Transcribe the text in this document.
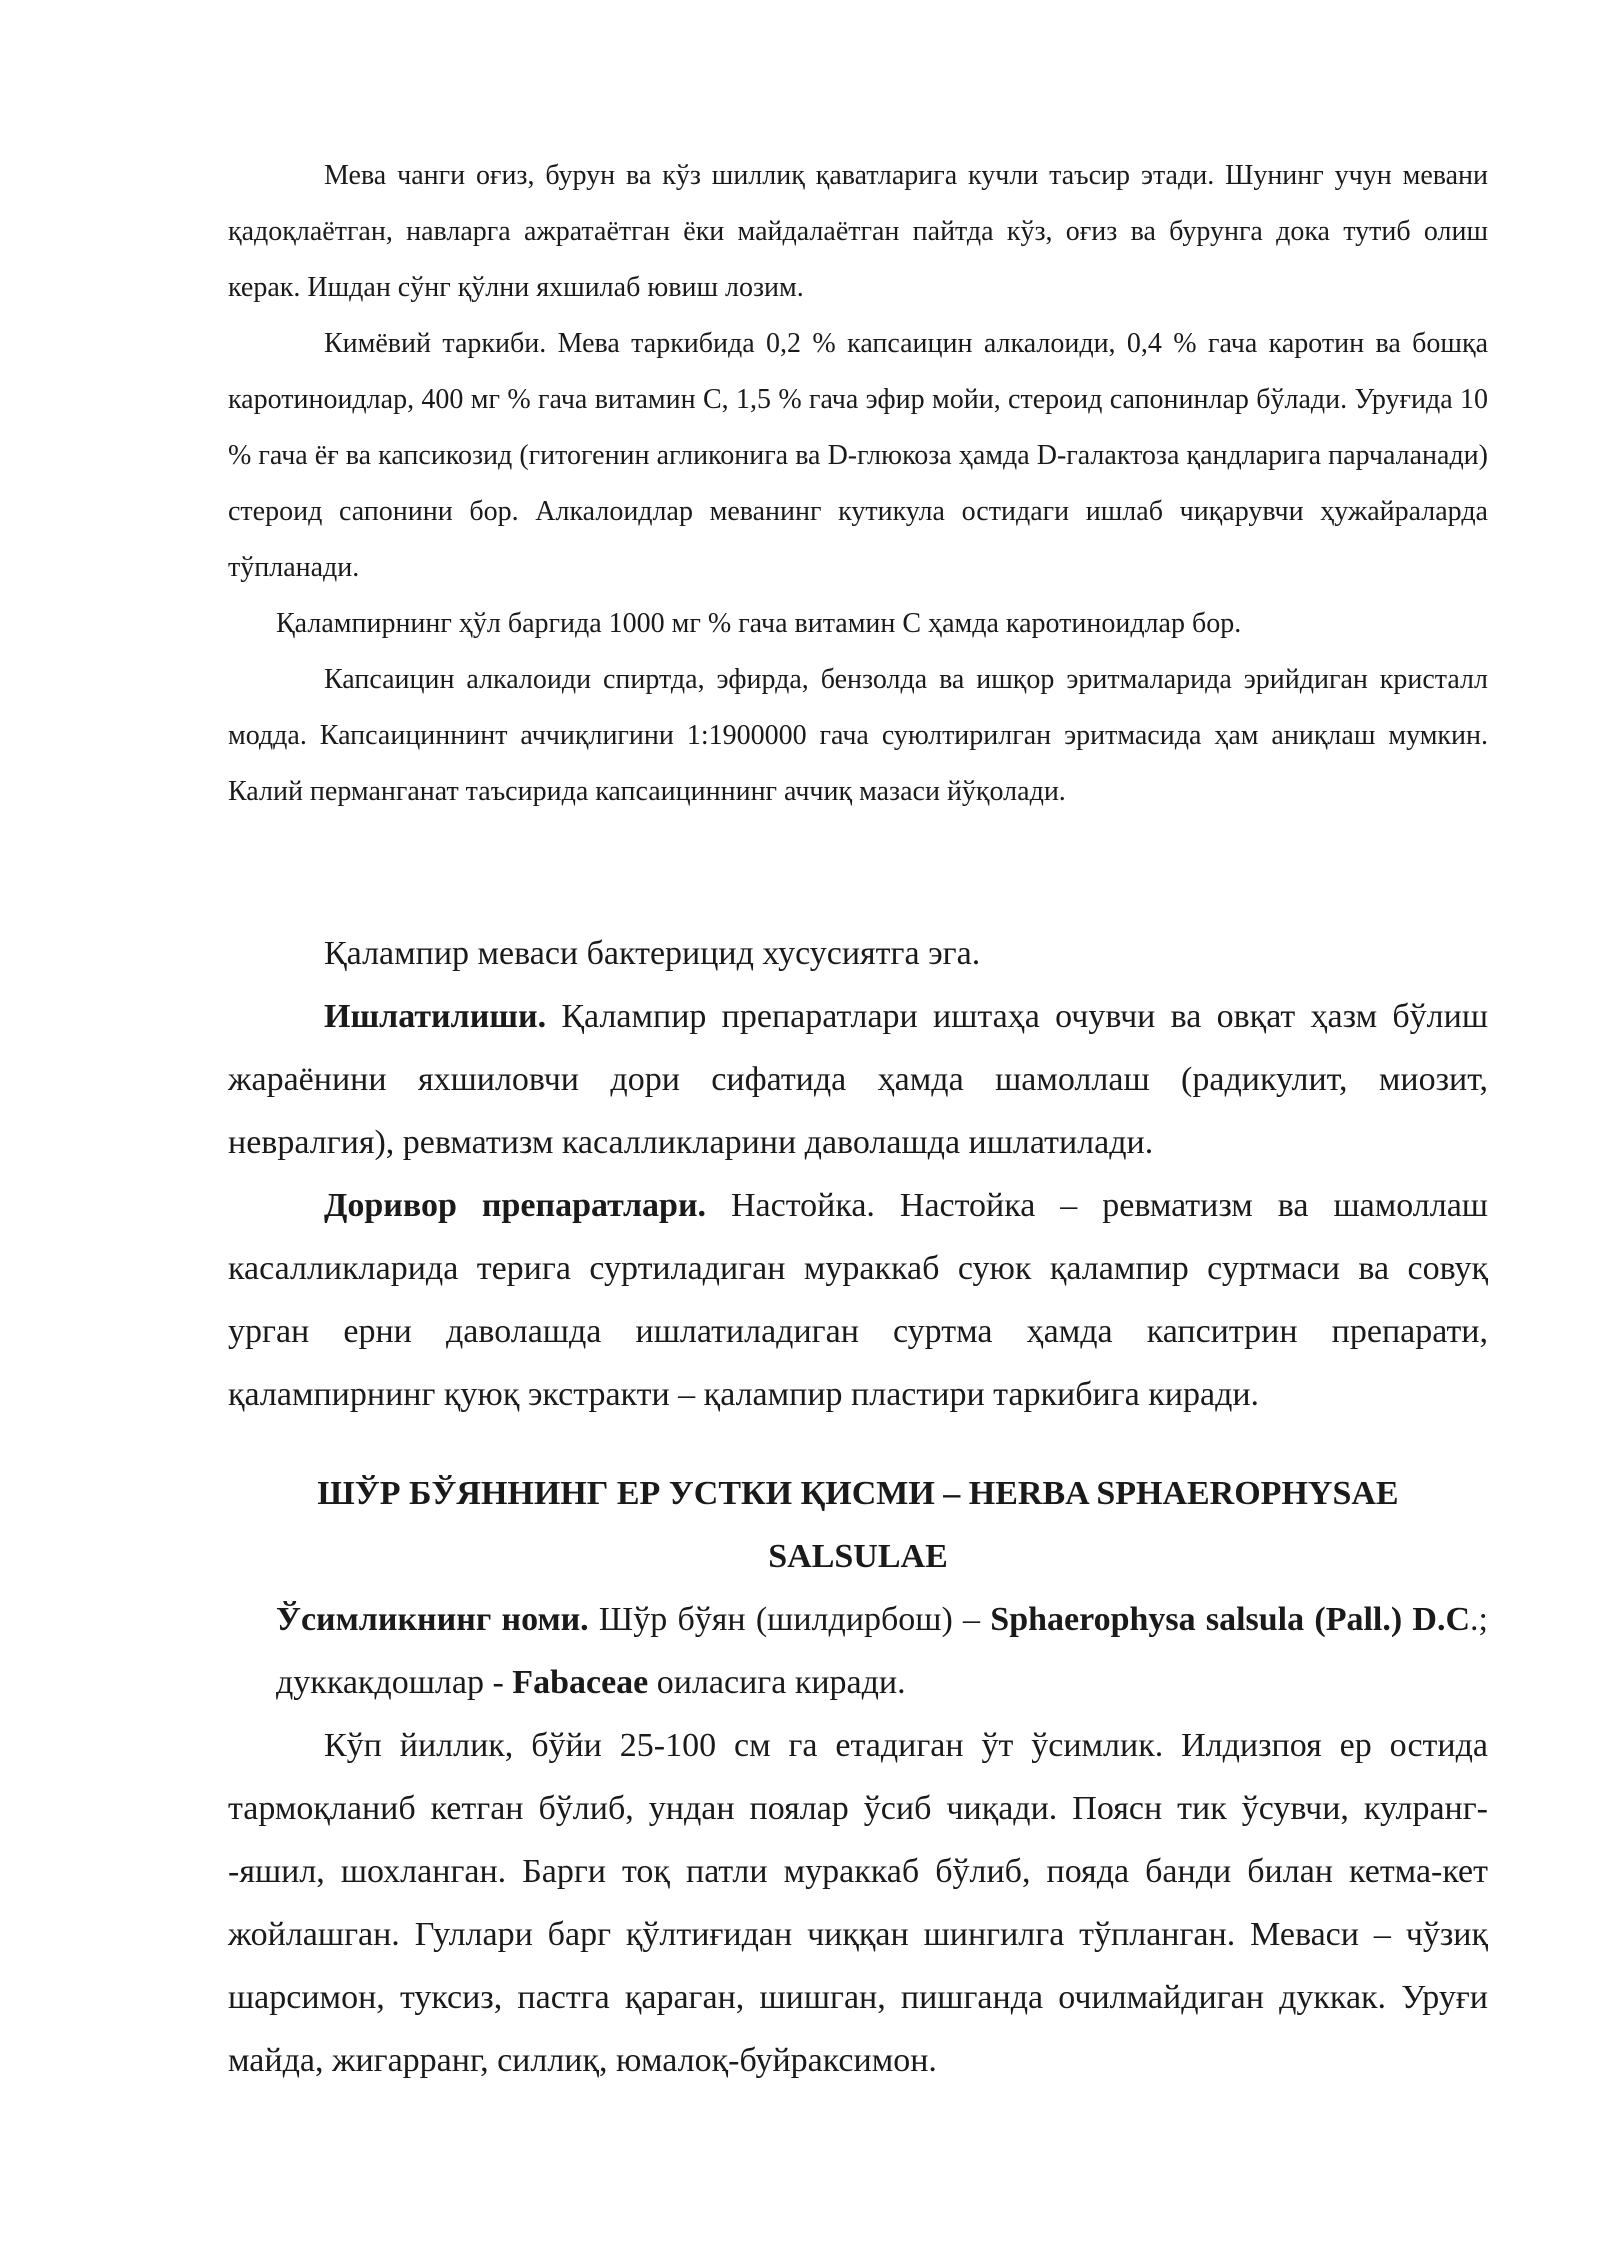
Мева чанги оғиз, бурун ва кўз шиллиқ қаватларига кучли таъсир этади. Шунинг учун мевани қадоқлаётган, навларга ажратаётган ёки майдалаётган пайтда кўз, оғиз ва бурунга дока тутиб олиш керак. Ишдан сўнг қўлни яхшилаб ювиш лозим.

Кимёвий таркиби. Мева таркибида 0,2 % капсаицин алкалоиди, 0,4 % гача каротин ва бошқа каротиноидлар, 400 мг % гача витамин С, 1,5 % гача эфир мойи, стероид сапонинлар бўлади. Уруғида 10 % гача ёғ ва капсикозид (гитогенин агликонига ва D-глюкоза ҳамда D-галактоза қандларига парчаланади) стероид сапонини бор. Алкалоидлар меванинг кутикула остидаги ишлаб чиқарувчи ҳужайраларда тўпланади.

Қалампирнинг ҳўл баргида 1000 мг % гача витамин С ҳамда каротиноидлар бор.

Капсаицин алкалоиди спиртда, эфирда, бензолда ва ишқор эритмаларида эрийдиган кристалл модда. Капсаициннинт аччиқлигини 1:1900000 гача суюлтирилган эритмасида ҳам аниқлаш мумкин. Калий перманганат таъсирида капсаициннинг аччиқ мазаси йўқолади.

Қалампир меваси бактерицид хусусиятга эга.

Ишлатилиши. Қалампир препаратлари иштаҳа очувчи ва овқат ҳазм бўлиш жараёнини яхшиловчи дори сифатида ҳамда шамоллаш (радикулит, миозит, невралгия), ревматизм касалликларини даволашда ишлатилади.

Доривор препаратлари. Настойка. Настойка – ревматизм ва шамоллаш касалликларида терига суртиладиган мураккаб суюк қалампир суртмаси ва совуқ урган ерни даволашда ишлатиладиган суртма ҳамда капситрин препарати, қалампирнинг қуюқ экстракти – қалампир пластири таркибига киради.

ШЎР БЎЯННИНГ ЕР УСТКИ ҚИСМИ – HERBA SPHAEROPHYSAE
SALSULAE

Ўсимликнинг номи. Шўр бўян (шилдирбош) – Sphaerophysa salsula (Pall.) D.C.; дуккакдошлар - Fabaceae оиласига киради.

Кўп йиллик, бўйи 25-100 см га етадиган ўт ўсимлик. Илдизпоя ер остида тармоқланиб кетган бўлиб, ундан поялар ўсиб чиқади. Поясн тик ўсувчи, кулранг- -яшил, шохланган. Барги тоқ патли мураккаб бўлиб, пояда банди билан кетма-кет жойлашган. Гуллари барг қўлтиғидан чиққан шингилга тўпланган. Меваси – чўзиқ шарсимон, туксиз, пастга қараган, шишган, пишганда очилмайдиган дуккак. Уруғи майда, жигарранг, силлиқ, юмалоқ-буйраксимон.
